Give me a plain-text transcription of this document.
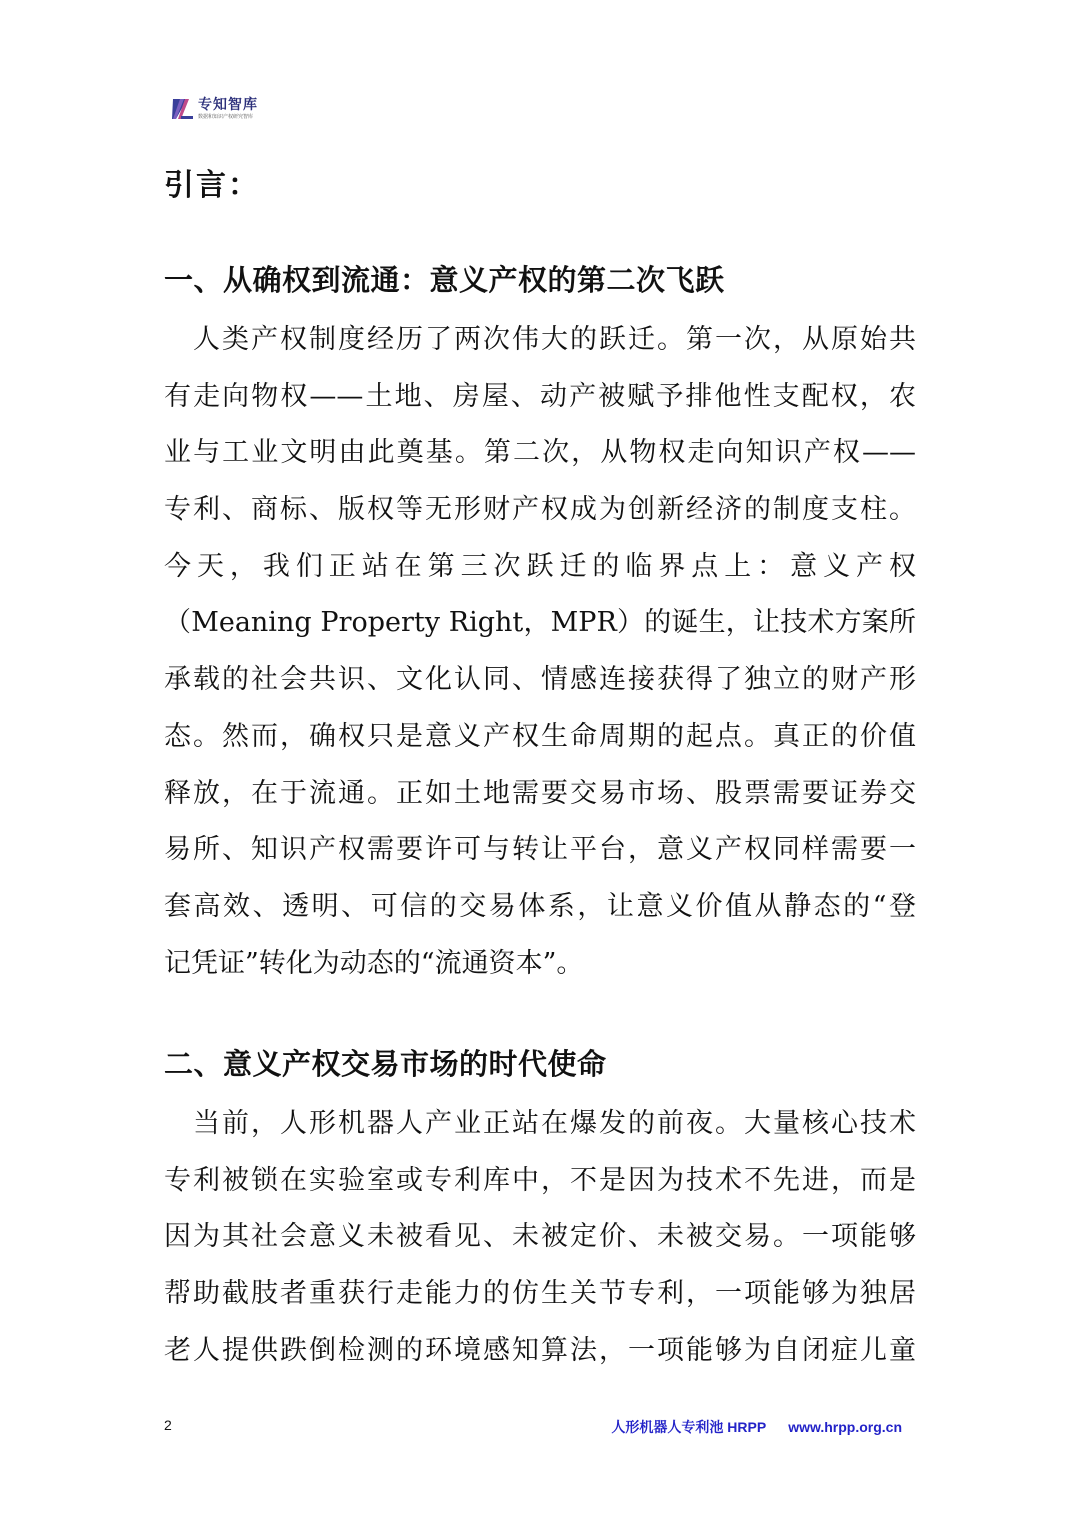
专知智库
数据和知识产权研究智库
引言：
一、从确权到流通：意义产权的第二次飞跃
　人类产权制度经历了两次伟大的跃迁。第一次，从原始共
有走向物权——土地、房屋、动产被赋予排他性支配权，农
业与工业文明由此奠基。第二次，从物权走向知识产权——
专利、商标、版权等无形财产权成为创新经济的制度支柱。
今天，我们正站在第三次跃迁的临界点上：意义产权
（Meaning Property Right，MPR）的诞生，让技术方案所
承载的社会共识、文化认同、情感连接获得了独立的财产形
态。然而，确权只是意义产权生命周期的起点。真正的价值
释放，在于流通。正如土地需要交易市场、股票需要证券交
易所、知识产权需要许可与转让平台，意义产权同样需要一
套高效、透明、可信的交易体系，让意义价值从静态的“登
记凭证”转化为动态的“流通资本”。
二、意义产权交易市场的时代使命
　当前，人形机器人产业正站在爆发的前夜。大量核心技术
专利被锁在实验室或专利库中，不是因为技术不先进，而是
因为其社会意义未被看见、未被定价、未被交易。一项能够
帮助截肢者重获行走能力的仿生关节专利，一项能够为独居
老人提供跌倒检测的环境感知算法，一项能够为自闭症儿童
2	人形机器人专利池 HRPP www.hrpp.org.cn
